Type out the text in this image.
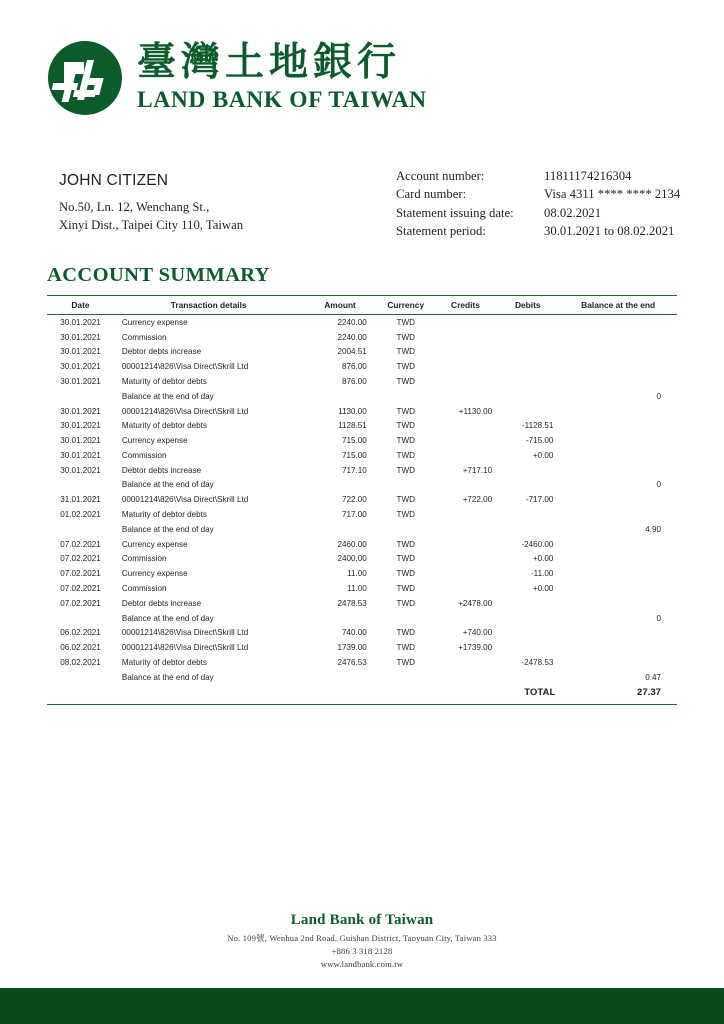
臺灣土地銀行
LAND BANK OF TAIWAN
JOHN CITIZEN
No.50, Ln. 12, Wenchang St.,
Xinyi Dist., Taipei City 110, Taiwan
Account number:	11811174216304
Card number:	Visa 4311 **** **** 2134
Statement issuing date:	08.02.2021
Statement period:	30.01.2021 to 08.02.2021
ACCOUNT SUMMARY
Date	Transaction details	Amount	Currency	Credits	Debits	Balance at the end
30.01.2021	Currency expense	2240.00	TWD			
30.01.2021	Commission	2240.00	TWD			
30.01.2021	Debtor debts increase	2004.51	TWD			
30.01.2021	00001214\826\Visa Direct\Skrill Ltd	876.00	TWD			
30.01.2021	Maturity of debtor debts	876.00	TWD			
	Balance at the end of day					0
30.01.2021	00001214\826\Visa Direct\Skrill Ltd	1130.00	TWD	+1130.00		
30.01.2021	Maturity of debtor debts	1128.51	TWD		-1128.51	
30.01.2021	Currency expense	715.00	TWD		-715.00	
30.01.2021	Commission	715.00	TWD		+0.00	
30.01.2021	Debtor debts increase	717.10	TWD	+717.10		
	Balance at the end of day					0
31.01.2021	00001214\826\Visa Direct\Skrill Ltd	722.00	TWD	+722.00	-717.00	
01.02.2021	Maturity of debtor debts	717.00	TWD			
	Balance at the end of day					4.90
07.02.2021	Currency expense	2460.00	TWD		-2460.00	
07.02.2021	Commission	2400.00	TWD		+0.00	
07.02.2021	Currency expense	11.00	TWD		-11.00	
07.02.2021	Commission	11.00	TWD		+0.00	
07.02.2021	Debtor debts increase	2478.53	TWD	+2478.00		
	Balance at the end of day					0
06.02.2021	00001214\826\Visa Direct\Skrill Ltd	740.00	TWD	+740.00		
06.02.2021	00001214\826\Visa Direct\Skrill Ltd	1739.00	TWD	+1739.00		
08.02.2021	Maturity of debtor debts	2476.53	TWD		-2478.53	
	Balance at the end of day					0.47
					TOTAL	27.37
Land Bank of Taiwan
No. 109號, Wenhua 2nd Road, Guishan District, Taoyuan City, Taiwan 333
+886 3 318 2128
www.landbank.com.tw
